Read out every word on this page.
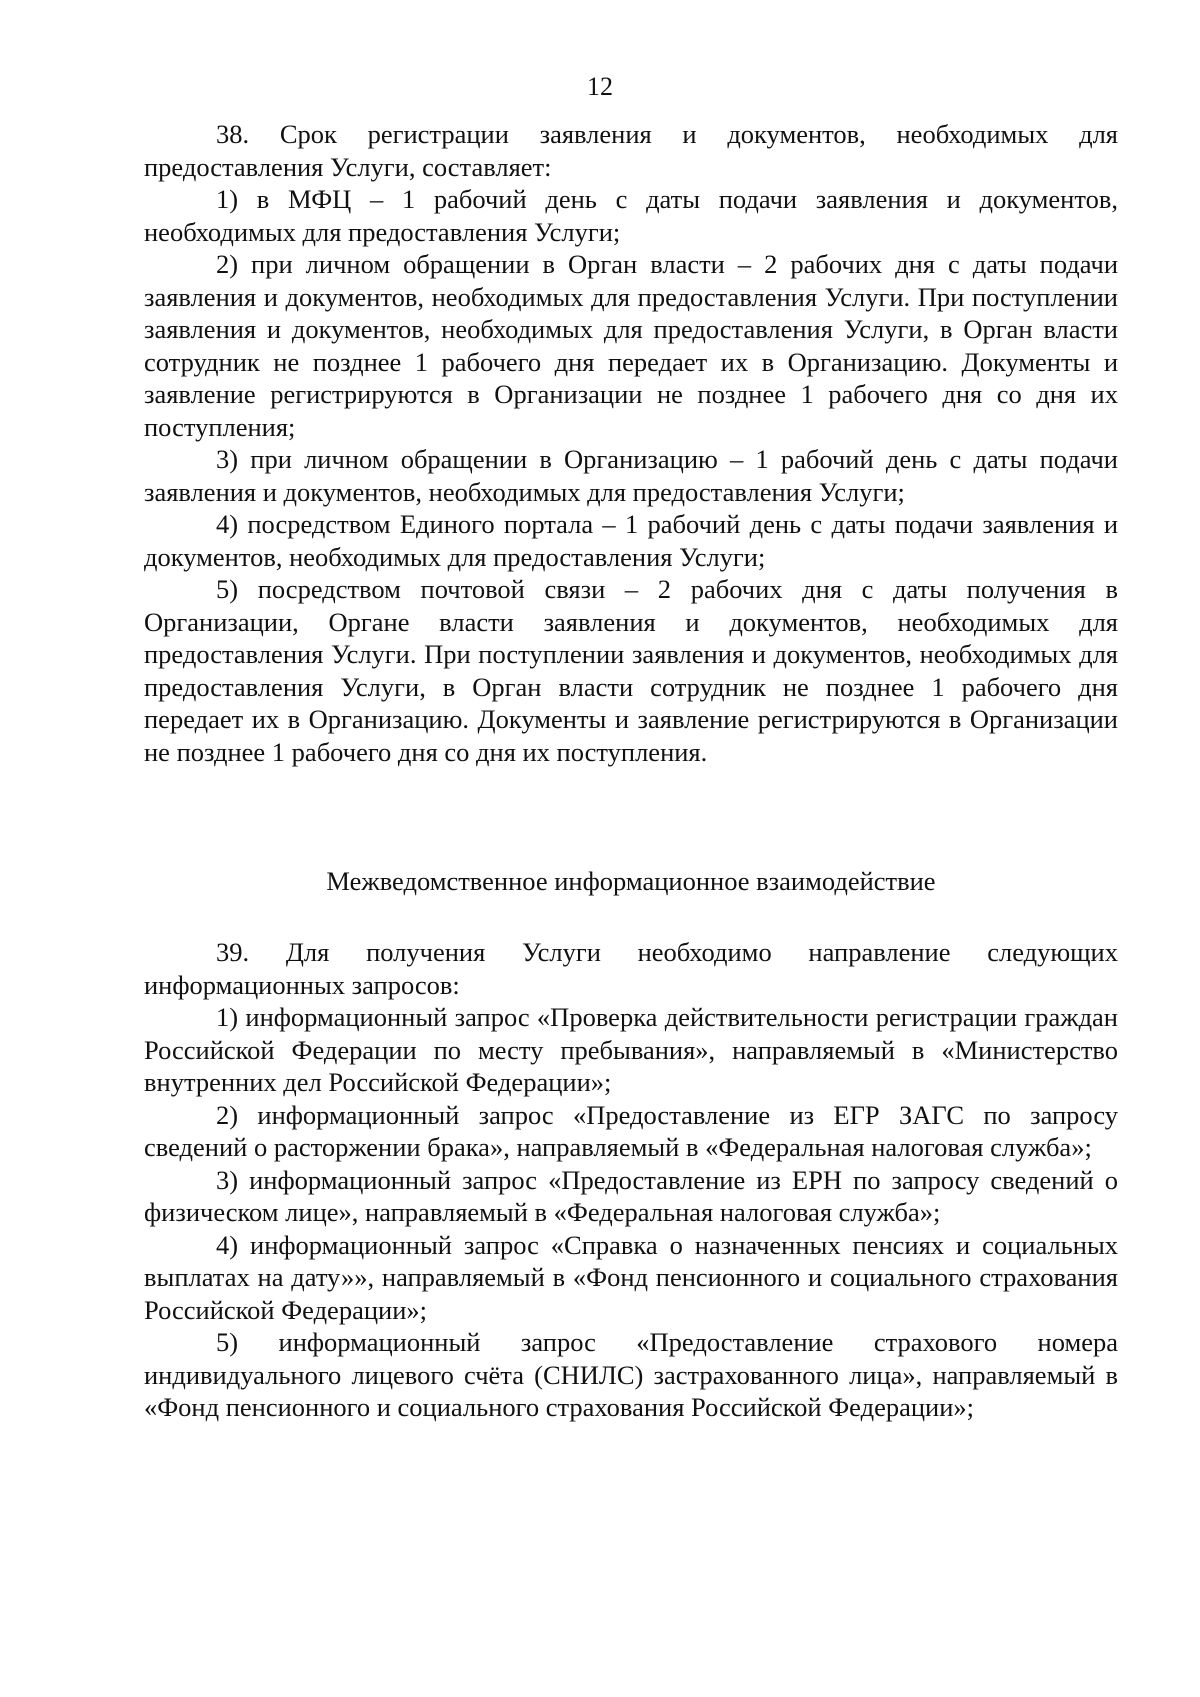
12

38. Срок регистрации заявления и документов, необходимых для предоставления Услуги, составляет:

1) в МФЦ – 1 рабочий день с даты подачи заявления и документов, необходимых для предоставления Услуги;

2) при личном обращении в Орган власти – 2 рабочих дня с даты подачи заявления и документов, необходимых для предоставления Услуги. При поступлении заявления и документов, необходимых для предоставления Услуги, в Орган власти сотрудник не позднее 1 рабочего дня передает их в Организацию. Документы и заявление регистрируются в Организации не позднее 1 рабочего дня со дня их поступления;

3) при личном обращении в Организацию – 1 рабочий день с даты подачи заявления и документов, необходимых для предоставления Услуги;

4) посредством Единого портала – 1 рабочий день с даты подачи заявления и документов, необходимых для предоставления Услуги;

5) посредством почтовой связи – 2 рабочих дня с даты получения в Организации, Органе власти заявления и документов, необходимых для предоставления Услуги. При поступлении заявления и документов, необходимых для предоставления Услуги, в Орган власти сотрудник не позднее 1 рабочего дня передает их в Организацию. Документы и заявление регистрируются в Организации не позднее 1 рабочего дня со дня их поступления.

Межведомственное информационное взаимодействие

39. Для получения Услуги необходимо направление следующих информационных запросов:

1) информационный запрос «Проверка действительности регистрации граждан Российской Федерации по месту пребывания», направляемый в «Министерство внутренних дел Российской Федерации»;

2) информационный запрос «Предоставление из ЕГР ЗАГС по запросу сведений о расторжении брака», направляемый в «Федеральная налоговая служба»;

3) информационный запрос «Предоставление из ЕРН по запросу сведений о физическом лице», направляемый в «Федеральная налоговая служба»;

4) информационный запрос «Справка о назначенных пенсиях и социальных выплатах на дату»», направляемый в «Фонд пенсионного и социального страхования Российской Федерации»;

5) информационный запрос «Предоставление страхового номера индивидуального лицевого счёта (СНИЛС) застрахованного лица», направляемый в «Фонд пенсионного и социального страхования Российской Федерации»;
